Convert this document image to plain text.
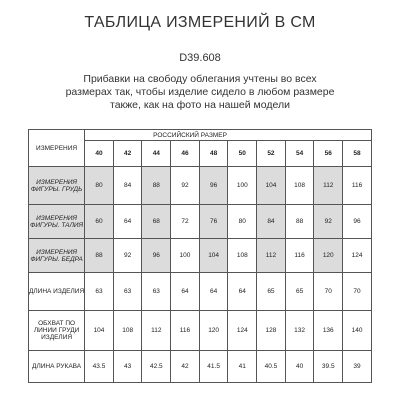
ТАБЛИЦА ИЗМЕРЕНИЙ В СМ
D39.608
Прибавки на свободу облегания учтены во всех размерах так, чтобы изделие сидело в любом размере также, как на фото на нашей модели
ИЗМЕРЕНИЯ	РОССИЙСКИЙ РАЗМЕР									
	40	42	44	46	48	50	52	54	56	58
ИЗМЕРЕНИЯ ФИГУРЫ. ГРУДЬ	80	84	88	92	96	100	104	108	112	116
ИЗМЕРЕНИЯ ФИГУРЫ. ТАЛИЯ	60	64	68	72	76	80	84	88	92	96
ИЗМЕРЕНИЯ ФИГУРЫ. БЕДРА	88	92	96	100	104	108	112	116	120	124
ДЛИНА ИЗДЕЛИЯ	63	63	63	64	64	64	65	65	70	70
ОБХВАТ ПО ЛИНИИ ГРУДИ ИЗДЕЛИЯ	104	108	112	116	120	124	128	132	136	140
ДЛИНА РУКАВА	43.5	43	42.5	42	41.5	41	40.5	40	39.5	39
